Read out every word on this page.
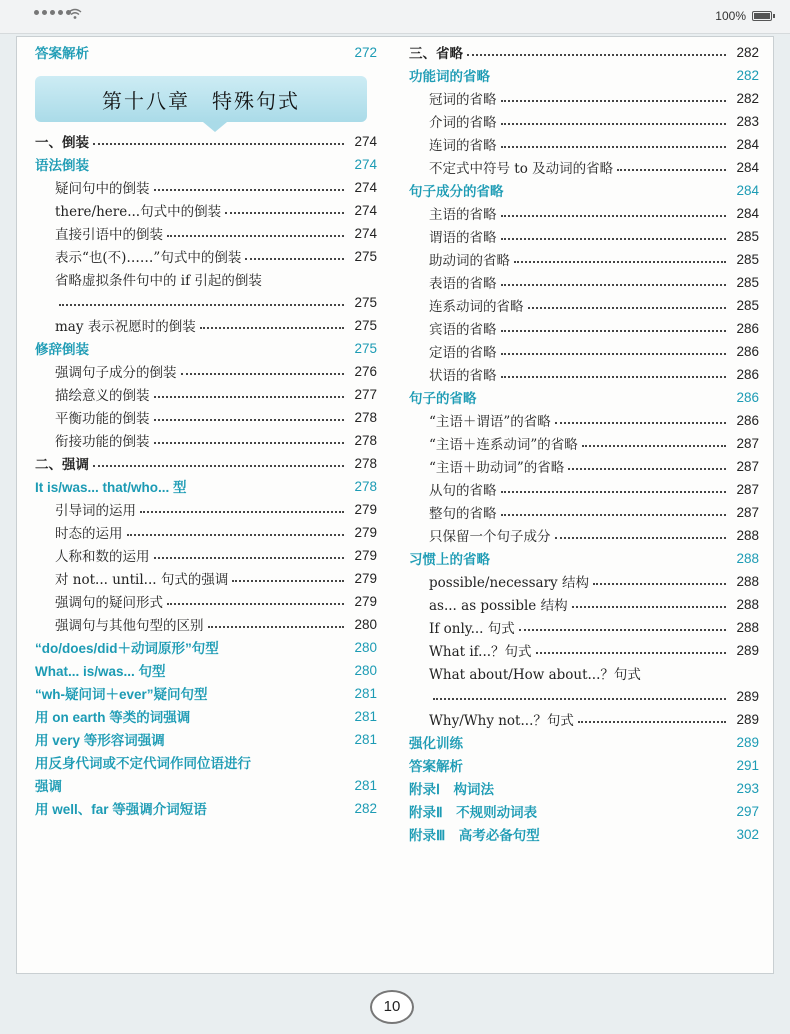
100%
答案解析	272
一、倒装	274
语法倒装	274
疑问句中的倒装	274
there/here...句式中的倒装	274
直接引语中的倒装	274
表示“也(不)……”句式中的倒装	275
省略虚拟条件句中的 if 引起的倒装
275
may 表示祝愿时的倒装	275
修辞倒装	275
强调句子成分的倒装	276
描绘意义的倒装	277
平衡功能的倒装	278
衔接功能的倒装	278
二、强调	278
It is/was... that/who... 型	278
引导词的运用	279
时态的运用	279
人称和数的运用	279
对 not... until... 句式的强调	279
强调句的疑问形式	279
强调句与其他句型的区别	280
“do/does/did＋动词原形”句型	280
What... is/was... 句型	280
“wh-疑问词＋ever”疑问句型	281
用 on earth 等类的词强调	281
用 very 等形容词强调	281
用反身代词或不定代词作同位语进行
强调	281
用 well、far 等强调介词短语	282
第十八章　特殊句式
三、省略	282
功能词的省略	282
冠词的省略	282
介词的省略	283
连词的省略	284
不定式中符号 to 及动词的省略	284
句子成分的省略	284
主语的省略	284
谓语的省略	285
助动词的省略	285
表语的省略	285
连系动词的省略	285
宾语的省略	286
定语的省略	286
状语的省略	286
句子的省略	286
“主语＋谓语”的省略	286
“主语＋连系动词”的省略	287
“主语＋助动词”的省略	287
从句的省略	287
整句的省略	287
只保留一个句子成分	288
习惯上的省略	288
possible/necessary 结构	288
as... as possible 结构	288
If only... 句式	288
What if...？句式	289
What about/How about...？句式
289
Why/Why not...？句式	289
强化训练	289
答案解析	291
附录Ⅰ　构词法	293
附录Ⅱ　不规则动词表	297
附录Ⅲ　高考必备句型	302
10
